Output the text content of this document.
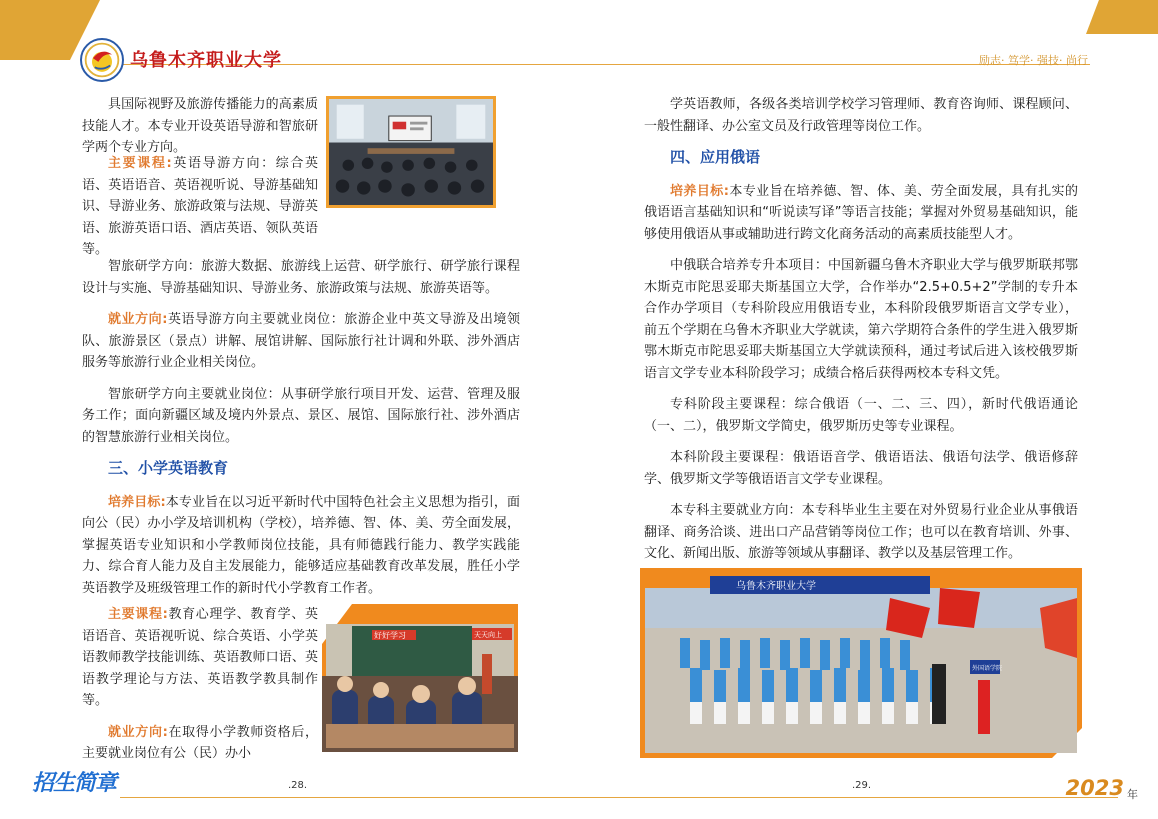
乌鲁木齐职业大学	励志· 笃学· 强技· 尚行

具国际视野及旅游传播能力的高素质技能人才。本专业开设英语导游和智旅研学两个专业方向。

主要课程:英语导游方向：综合英语、英语语音、英语视听说、导游基础知识、导游业务、旅游政策与法规、导游英语、旅游英语口语、酒店英语、领队英语等。

智旅研学方向：旅游大数据、旅游线上运营、研学旅行、研学旅行课程设计与实施、导游基础知识、导游业务、旅游政策与法规、旅游英语等。

就业方向:英语导游方向主要就业岗位：旅游企业中英文导游及出境领队、旅游景区（景点）讲解、展馆讲解、国际旅行社计调和外联、涉外酒店服务等旅游行业企业相关岗位。

智旅研学方向主要就业岗位：从事研学旅行项目开发、运营、管理及服务工作；面向新疆区域及境内外景点、景区、展馆、国际旅行社、涉外酒店的智慧旅游行业相关岗位。

三、小学英语教育

培养目标:本专业旨在以习近平新时代中国特色社会主义思想为指引，面向公（民）办小学及培训机构（学校），培养德、智、体、美、劳全面发展，掌握英语专业知识和小学教师岗位技能，具有师德践行能力、教学实践能力、综合育人能力及自主发展能力，能够适应基础教育改革发展，胜任小学英语教学及班级管理工作的新时代小学教育工作者。

主要课程:教育心理学、教育学、英语语音、英语视听说、综合英语、小学英语教师教学技能训练、英语教师口语、英语教学理论与方法、英语教学教具制作等。

就业方向:在取得小学教师资格后，主要就业岗位有公（民）办小

好好学习	天天向上

学英语教师，各级各类培训学校学习管理师、教育咨询师、课程顾问、一般性翻译、办公室文员及行政管理等岗位工作。

四、应用俄语

培养目标:本专业旨在培养德、智、体、美、劳全面发展，具有扎实的俄语语言基础知识和“听说读写译”等语言技能；掌握对外贸易基础知识，能够使用俄语从事或辅助进行跨文化商务活动的高素质技能型人才。

中俄联合培养专升本项目：中国新疆乌鲁木齐职业大学与俄罗斯联邦鄂木斯克市陀思妥耶夫斯基国立大学，合作举办“2.5+0.5+2”学制的专升本合作办学项目（专科阶段应用俄语专业，本科阶段俄罗斯语言文学专业），前五个学期在乌鲁木齐职业大学就读，第六学期符合条件的学生进入俄罗斯鄂木斯克市陀思妥耶夫斯基国立大学就读预科，通过考试后进入该校俄罗斯语言文学专业本科阶段学习；成绩合格后获得两校本专科文凭。

专科阶段主要课程：综合俄语（一、二、三、四），新时代俄语通论（一、二），俄罗斯文学简史，俄罗斯历史等专业课程。

本科阶段主要课程：俄语语音学、俄语语法、俄语句法学、俄语修辞学、俄罗斯文学等俄语语言文学专业课程。

本专科主要就业方向：本专科毕业生主要在对外贸易行业企业从事俄语翻译、商务洽谈、进出口产品营销等岗位工作；也可以在教育培训、外事、文化、新闻出版、旅游等领域从事翻译、教学以及基层管理工作。

乌鲁木齐职业大学
外国语学院
招生简章	.28.	.29.	2023 年
